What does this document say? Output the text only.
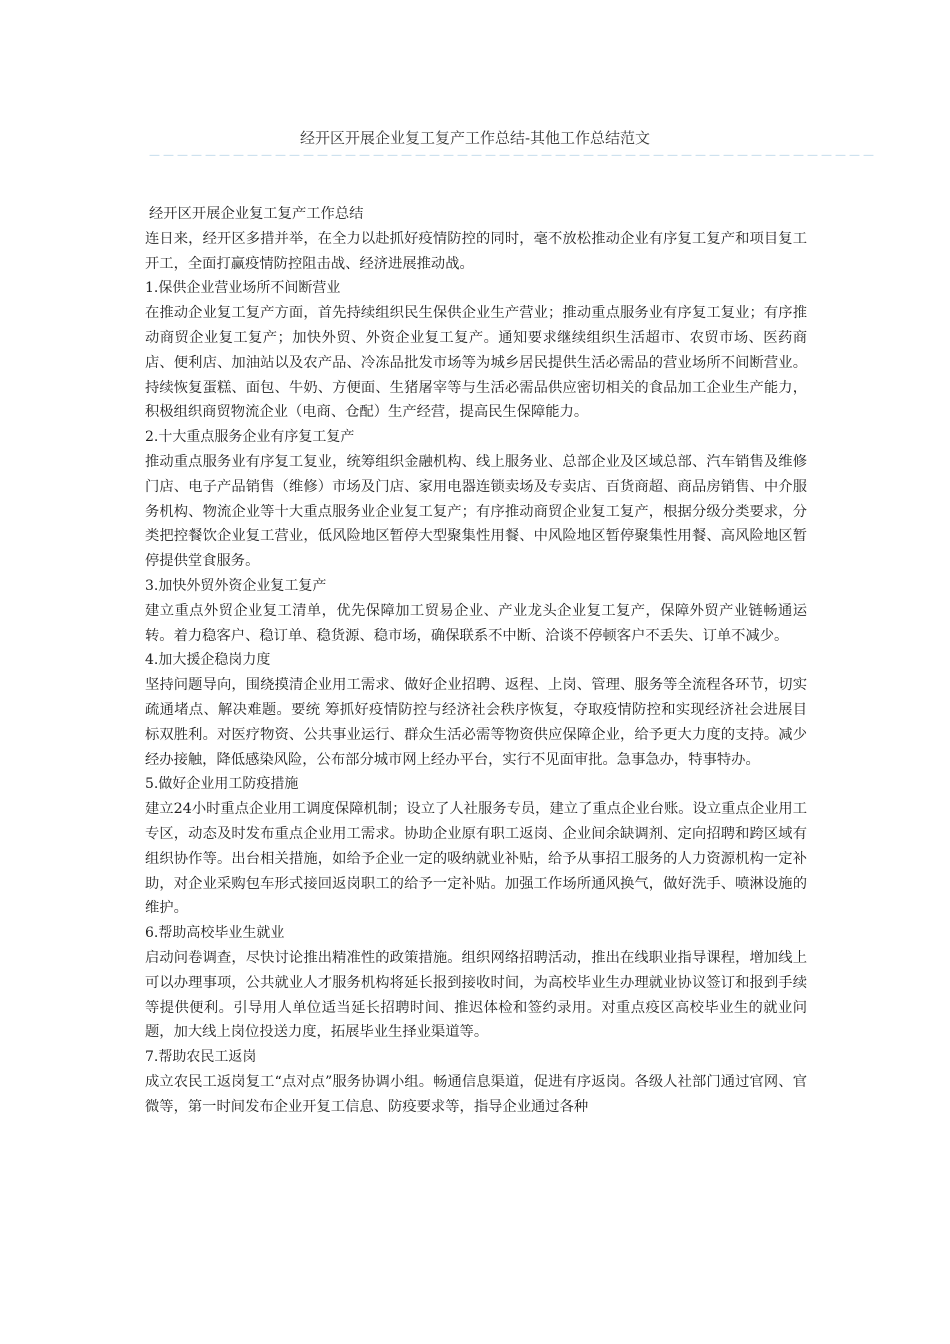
经开区开展企业复工复产工作总结-其他工作总结范文
－－－－－－－－－－－－－－－－－－－－－－－－－－－－－－－－－－－－－－－－－－－－－－－－－－－－

经开区开展企业复工复产工作总结

连日来，经开区多措并举，在全力以赴抓好疫情防控的同时，毫不放松推动企业有序复工复产和项目复工开工，全面打赢疫情防控阻击战、经济进展推动战。

1.保供企业营业场所不间断营业

在推动企业复工复产方面，首先持续组织民生保供企业生产营业；推动重点服务业有序复工复业；有序推动商贸企业复工复产；加快外贸、外资企业复工复产。通知要求继续组织生活超市、农贸市场、医药商店、便利店、加油站以及农产品、冷冻品批发市场等为城乡居民提供生活必需品的营业场所不间断营业。持续恢复蛋糕、面包、牛奶、方便面、生猪屠宰等与生活必需品供应密切相关的食品加工企业生产能力，积极组织商贸物流企业（电商、仓配）生产经营，提高民生保障能力。

2.十大重点服务企业有序复工复产

推动重点服务业有序复工复业，统筹组织金融机构、线上服务业、总部企业及区域总部、汽车销售及维修门店、电子产品销售（维修）市场及门店、家用电器连锁卖场及专卖店、百货商超、商品房销售、中介服务机构、物流企业等十大重点服务业企业复工复产；有序推动商贸企业复工复产，根据分级分类要求，分类把控餐饮企业复工营业，低风险地区暂停大型聚集性用餐、中风险地区暂停聚集性用餐、高风险地区暂停提供堂食服务。

3.加快外贸外资企业复工复产

建立重点外贸企业复工清单，优先保障加工贸易企业、产业龙头企业复工复产，保障外贸产业链畅通运转。着力稳客户、稳订单、稳货源、稳市场，确保联系不中断、洽谈不停顿客户不丢失、订单不减少。

4.加大援企稳岗力度

坚持问题导向，围绕摸清企业用工需求、做好企业招聘、返程、上岗、管理、服务等全流程各环节，切实疏通堵点、解决难题。要统 筹抓好疫情防控与经济社会秩序恢复，夺取疫情防控和实现经济社会进展目标双胜利。对医疗物资、公共事业运行、群众生活必需等物资供应保障企业，给予更大力度的支持。减少经办接触，降低感染风险，公布部分城市网上经办平台，实行不见面审批。急事急办，特事特办。

5.做好企业用工防疫措施

建立24小时重点企业用工调度保障机制；设立了人社服务专员，建立了重点企业台账。设立重点企业用工专区，动态及时发布重点企业用工需求。协助企业原有职工返岗、企业间余缺调剂、定向招聘和跨区域有组织协作等。出台相关措施，如给予企业一定的吸纳就业补贴，给予从事招工服务的人力资源机构一定补助，对企业采购包车形式接回返岗职工的给予一定补贴。加强工作场所通风换气，做好洗手、喷淋设施的维护。

6.帮助高校毕业生就业

启动问卷调查，尽快讨论推出精准性的政策措施。组织网络招聘活动，推出在线职业指导课程，增加线上可以办理事项，公共就业人才服务机构将延长报到接收时间，为高校毕业生办理就业协议签订和报到手续等提供便利。引导用人单位适当延长招聘时间、推迟体检和签约录用。对重点疫区高校毕业生的就业问题，加大线上岗位投送力度，拓展毕业生择业渠道等。

7.帮助农民工返岗

成立农民工返岗复工“点对点”服务协调小组。畅通信息渠道，促进有序返岗。各级人社部门通过官网、官微等，第一时间发布企业开复工信息、防疫要求等，指导企业通过各种
